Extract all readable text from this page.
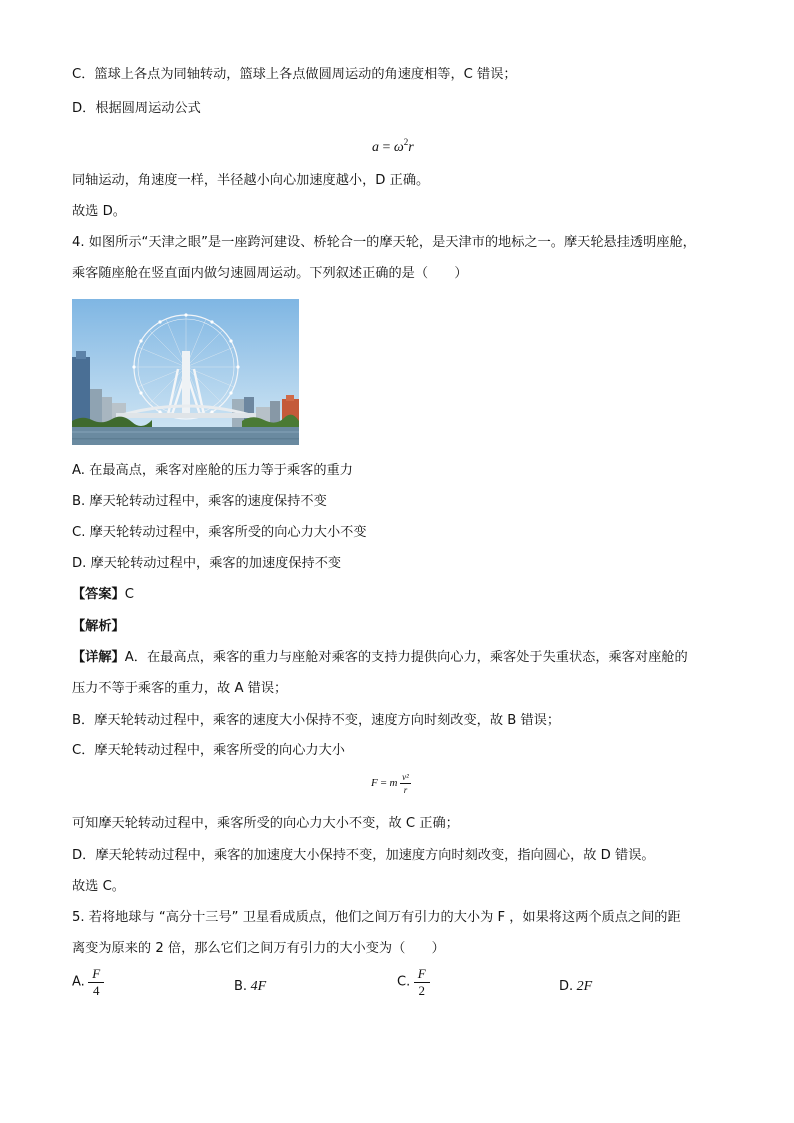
C．篮球上各点为同轴转动，篮球上各点做圆周运动的角速度相等，C 错误；
D．根据圆周运动公式
$a = \omega^2r$
同轴运动，角速度一样，半径越小向心加速度越小，D 正确。
故选 D。
4. 如图所示“天津之眼”是一座跨河建设、桥轮合一的摩天轮，是天津市的地标之一。摩天轮悬挂透明座舱，
乘客随座舱在竖直面内做匀速圆周运动。下列叙述正确的是（　　）
A. 在最高点，乘客对座舱的压力等于乘客的重力
B. 摩天轮转动过程中，乘客的速度保持不变
C. 摩天轮转动过程中，乘客所受的向心力大小不变
D. 摩天轮转动过程中，乘客的加速度保持不变
【答案】C
【解析】
【详解】A．在最高点，乘客的重力与座舱对乘客的支持力提供向心力，乘客处于失重状态，乘客对座舱的
压力不等于乘客的重力，故 A 错误；
B．摩天轮转动过程中，乘客的速度大小保持不变，速度方向时刻改变，故 B 错误；
C．摩天轮转动过程中，乘客所受的向心力大小
F = m $\frac{\text{v²}}{r}$
可知摩天轮转动过程中，乘客所受的向心力大小不变，故 C 正确；
D．摩天轮转动过程中，乘客的加速度大小保持不变，加速度方向时刻改变，指向圆心，故 D 错误。
故选 C。
5. 若将地球与 “高分十三号” 卫星看成质点，他们之间万有引力的大小为 F ，如果将这两个质点之间的距
离变为原来的 2 倍，那么它们之间万有引力的大小变为（　　）
A. $\frac{F}{4}$	B. 4F	C. $\frac{F}{2}$	D. 2F
